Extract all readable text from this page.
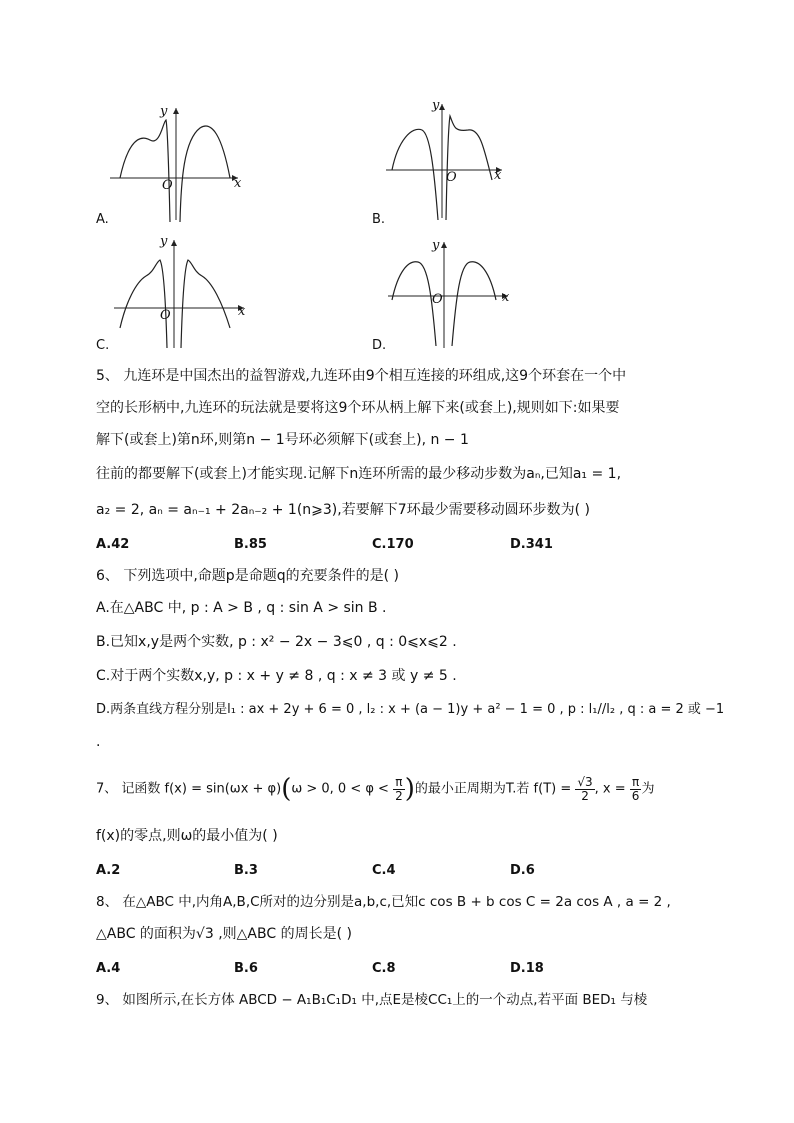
y
x
O
A.
y
x
O
B.
y
x
O
C.
y
x
O
D.
5、 九连环是中国杰出的益智游戏,九连环由9个相互连接的环组成,这9个环套在一个中
空的长形柄中,九连环的玩法就是要将这9个环从柄上解下来(或套上),规则如下:如果要
解下(或套上)第n环,则第n − 1号环必须解下(或套上), n − 1
往前的都要解下(或套上)才能实现.记解下n连环所需的最少移动步数为aₙ,已知a₁ = 1,
a₂ = 2, aₙ = aₙ₋₁ + 2aₙ₋₂ + 1(n⩾3),若要解下7环最少需要移动圆环步数为( )
A.42	B.85	C.170	D.341
6、 下列选项中,命题p是命题q的充要条件的是( )
A.在△ABC 中, p : A > B , q : sin A > sin B .
B.已知x,y是两个实数, p : x² − 2x − 3⩽0 , q : 0⩽x⩽2 .
C.对于两个实数x,y, p : x + y ≠ 8 , q : x ≠ 3 或 y ≠ 5 .
D.两条直线方程分别是l₁ : ax + 2y + 6 = 0 , l₂ : x + (a − 1)y + a² − 1 = 0 , p : l₁//l₂ , q : a = 2 或 −1
.
7、 记函数 f(x) = sin(ωx + φ)(ω > 0, $0 < \varphi < \frac{\pi}{2}$ )的最小正周期为T.若 $f(T) = \frac{√3}{2}$ , $x = \frac{\pi}{6}$ 为
f(x)的零点,则ω的最小值为( )
A.2	B.3	C.4	D.6
8、 在△ABC 中,内角A,B,C所对的边分别是a,b,c,已知c cos B + b cos C = 2a cos A , a = 2 ,
△ABC 的面积为√3 ,则△ABC 的周长是( )
A.4	B.6	C.8	D.18
9、 如图所示,在长方体 ABCD − A₁B₁C₁D₁ 中,点E是棱CC₁上的一个动点,若平面 BED₁ 与棱
